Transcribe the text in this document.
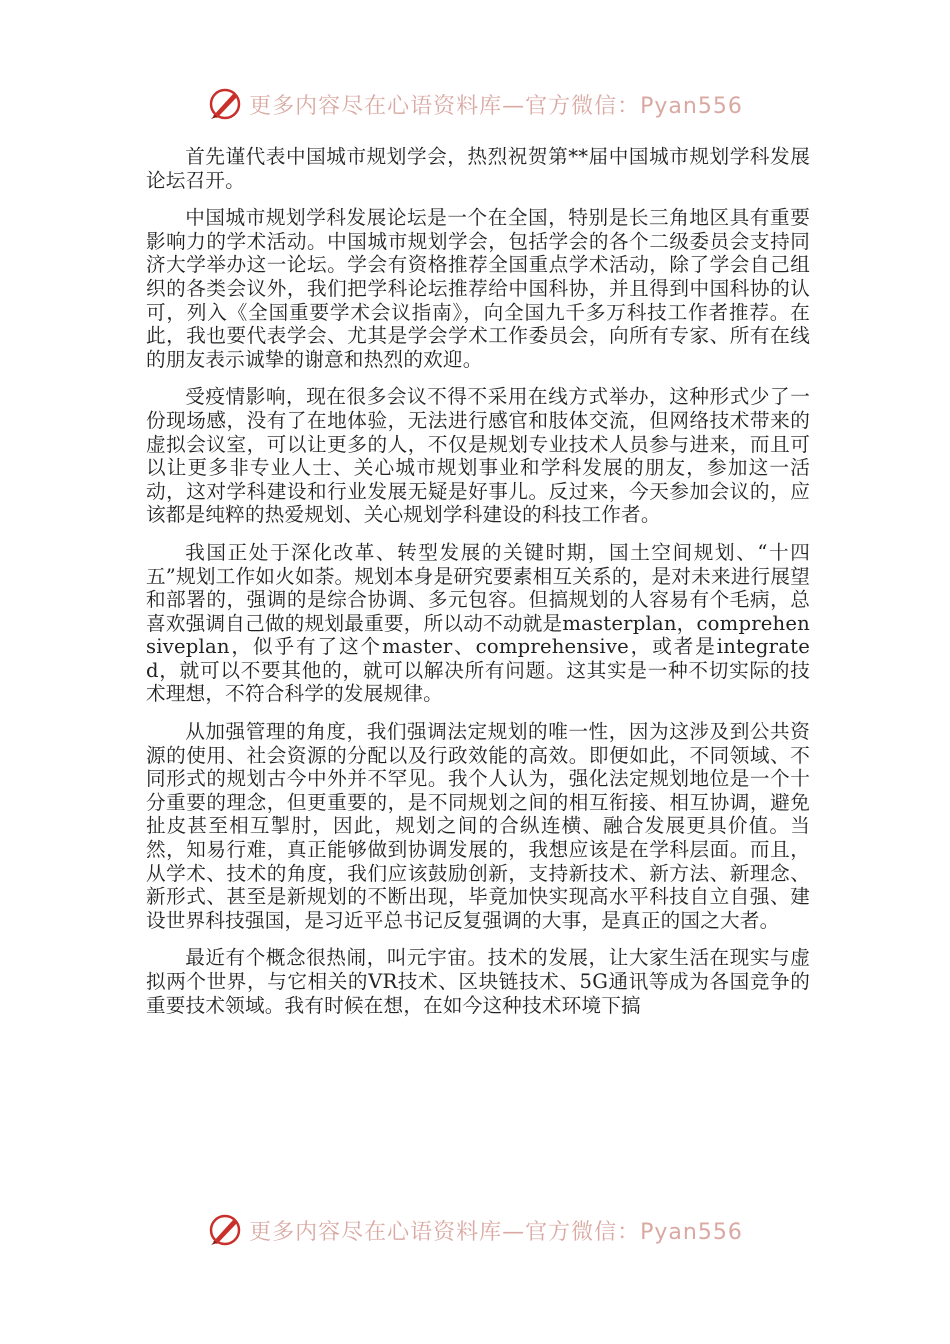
更多内容尽在心语资料库—官方微信：Pyan556

首先谨代表中国城市规划学会，热烈祝贺第**届中国城市规划学科发展论坛召开。

中国城市规划学科发展论坛是一个在全国，特别是长三角地区具有重要影响力的学术活动。中国城市规划学会，包括学会的各个二级委员会支持同济大学举办这一论坛。学会有资格推荐全国重点学术活动，除了学会自己组织的各类会议外，我们把学科论坛推荐给中国科协，并且得到中国科协的认可，列入《全国重要学术会议指南》，向全国九千多万科技工作者推荐。在此，我也要代表学会、尤其是学会学术工作委员会，向所有专家、所有在线的朋友表示诚挚的谢意和热烈的欢迎。

受疫情影响，现在很多会议不得不采用在线方式举办，这种形式少了一份现场感，没有了在地体验，无法进行感官和肢体交流，但网络技术带来的虚拟会议室，可以让更多的人，不仅是规划专业技术人员参与进来，而且可以让更多非专业人士、关心城市规划事业和学科发展的朋友，参加这一活动，这对学科建设和行业发展无疑是好事儿。反过来，今天参加会议的，应该都是纯粹的热爱规划、关心规划学科建设的科技工作者。

我国正处于深化改革、转型发展的关键时期，国土空间规划、“十四五”规划工作如火如荼。规划本身是研究要素相互关系的，是对未来进行展望和部署的，强调的是综合协调、多元包容。但搞规划的人容易有个毛病，总喜欢强调自己做的规划最重要，所以动不动就是masterplan，comprehensiveplan，似乎有了这个master、comprehensive，或者是integrated，就可以不要其他的，就可以解决所有问题。这其实是一种不切实际的技术理想，不符合科学的发展规律。

从加强管理的角度，我们强调法定规划的唯一性，因为这涉及到公共资源的使用、社会资源的分配以及行政效能的高效。即便如此，不同领域、不同形式的规划古今中外并不罕见。我个人认为，强化法定规划地位是一个十分重要的理念，但更重要的，是不同规划之间的相互衔接、相互协调，避免扯皮甚至相互掣肘，因此，规划之间的合纵连横、融合发展更具价值。当然，知易行难，真正能够做到协调发展的，我想应该是在学科层面。而且，从学术、技术的角度，我们应该鼓励创新，支持新技术、新方法、新理念、新形式、甚至是新规划的不断出现，毕竟加快实现高水平科技自立自强、建设世界科技强国，是习近平总书记反复强调的大事，是真正的国之大者。

最近有个概念很热闹，叫元宇宙。技术的发展，让大家生活在现实与虚拟两个世界，与它相关的VR技术、区块链技术、5G通讯等成为各国竞争的重要技术领域。我有时候在想，在如今这种技术环境下搞

更多内容尽在心语资料库—官方微信：Pyan556
